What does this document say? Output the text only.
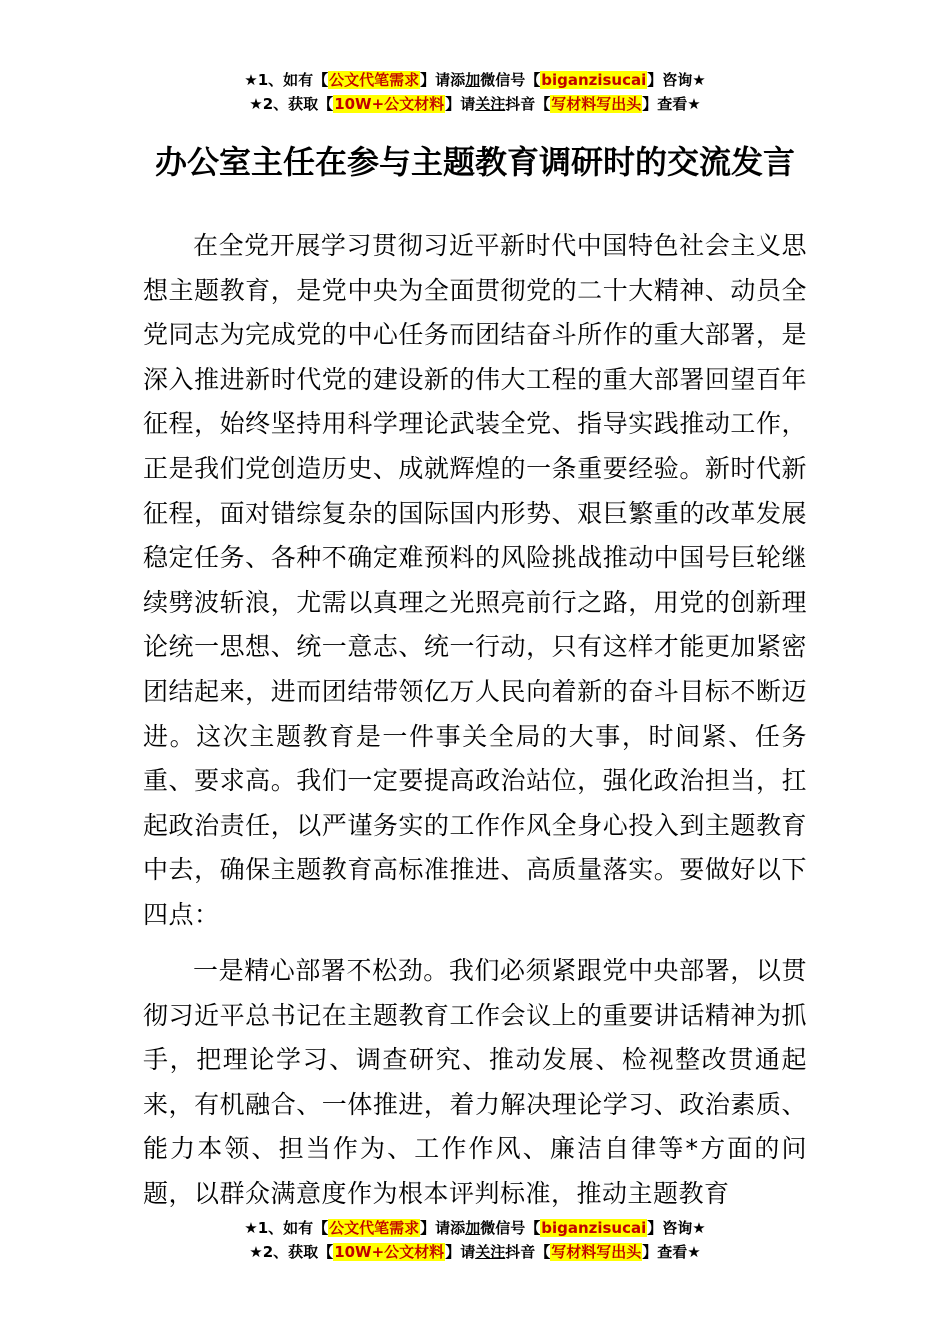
★1、如有【公文代笔需求】请添加微信号【biganzisucai】咨询★
★2、获取【10W+公文材料】请关注抖音【写材料写出头】查看★
办公室主任在参与主题教育调研时的交流发言

在全党开展学习贯彻习近平新时代中国特色社会主义思想主题教育，是党中央为全面贯彻党的二十大精神、动员全党同志为完成党的中心任务而团结奋斗所作的重大部署，是深入推进新时代党的建设新的伟大工程的重大部署回望百年征程，始终坚持用科学理论武装全党、指导实践推动工作，正是我们党创造历史、成就辉煌的一条重要经验。新时代新征程，面对错综复杂的国际国内形势、艰巨繁重的改革发展稳定任务、各种不确定难预料的风险挑战推动中国号巨轮继续劈波斩浪，尤需以真理之光照亮前行之路，用党的创新理论统一思想、统一意志、统一行动，只有这样才能更加紧密团结起来，进而团结带领亿万人民向着新的奋斗目标不断迈进。这次主题教育是一件事关全局的大事，时间紧、任务重、要求高。我们一定要提高政治站位，强化政治担当，扛起政治责任，以严谨务实的工作作风全身心投入到主题教育中去，确保主题教育高标准推进、高质量落实。要做好以下四点：

一是精心部署不松劲。我们必须紧跟党中央部署，以贯彻习近平总书记在主题教育工作会议上的重要讲话精神为抓手，把理论学习、调查研究、推动发展、检视整改贯通起来，有机融合、一体推进，着力解决理论学习、政治素质、能力本领、担当作为、工作作风、廉洁自律等*方面的问题，以群众满意度作为根本评判标准，推动主题教育

★1、如有【公文代笔需求】请添加微信号【biganzisucai】咨询★
★2、获取【10W+公文材料】请关注抖音【写材料写出头】查看★
